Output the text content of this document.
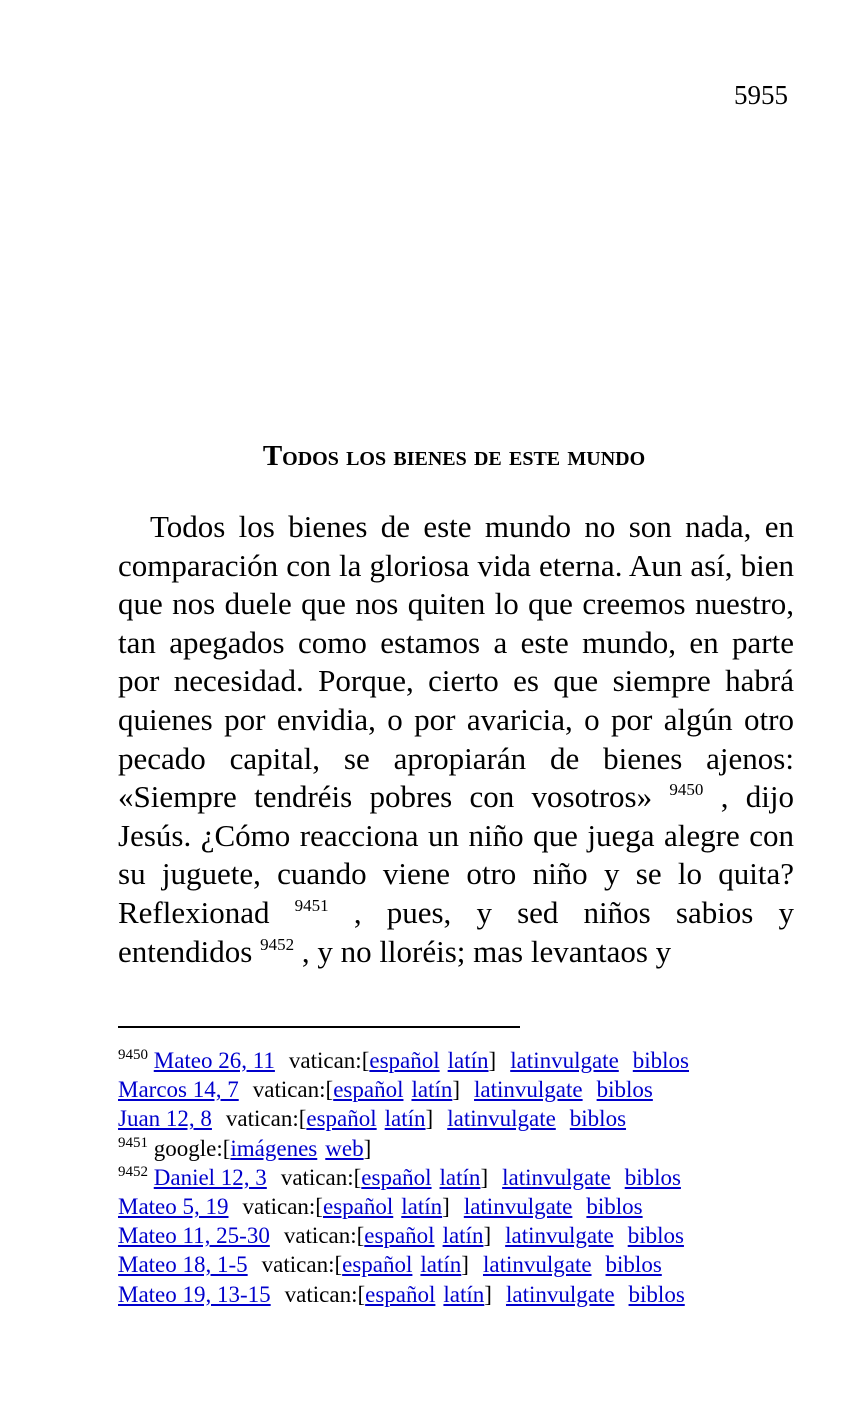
5955
Todos los bienes de este mundo

Todos los bienes de este mundo no son nada, en comparación con la gloriosa vida eterna. Aun así, bien que nos duele que nos quiten lo que creemos nuestro, tan apegados como estamos a este mundo, en parte por necesidad. Porque, cierto es que siempre habrá quienes por envidia, o por avaricia, o por algún otro pecado capital, se apropiarán de bienes ajenos: «Siempre tendréis pobres con vosotros» $^{9450}$ , dijo Jesús. ¿Cómo reacciona un niño que juega alegre con su juguete, cuando viene otro niño y se lo quita? Reflexionad $^{9451}$ , pues, y sed niños sabios y entendidos $^{9452}$ , y no lloréis; mas levantaos y

$^{9450}$ Mateo 26, 11 vatican:[español latín] latinvulgate biblos
Marcos 14, 7 vatican:[español latín] latinvulgate biblos
Juan 12, 8 vatican:[español latín] latinvulgate biblos
$^{9451}$ google:[imágenes web]
$^{9452}$ Daniel 12, 3 vatican:[español latín] latinvulgate biblos
Mateo 5, 19 vatican:[español latín] latinvulgate biblos
Mateo 11, 25-30 vatican:[español latín] latinvulgate biblos
Mateo 18, 1-5 vatican:[español latín] latinvulgate biblos
Mateo 19, 13-15 vatican:[español latín] latinvulgate biblos
